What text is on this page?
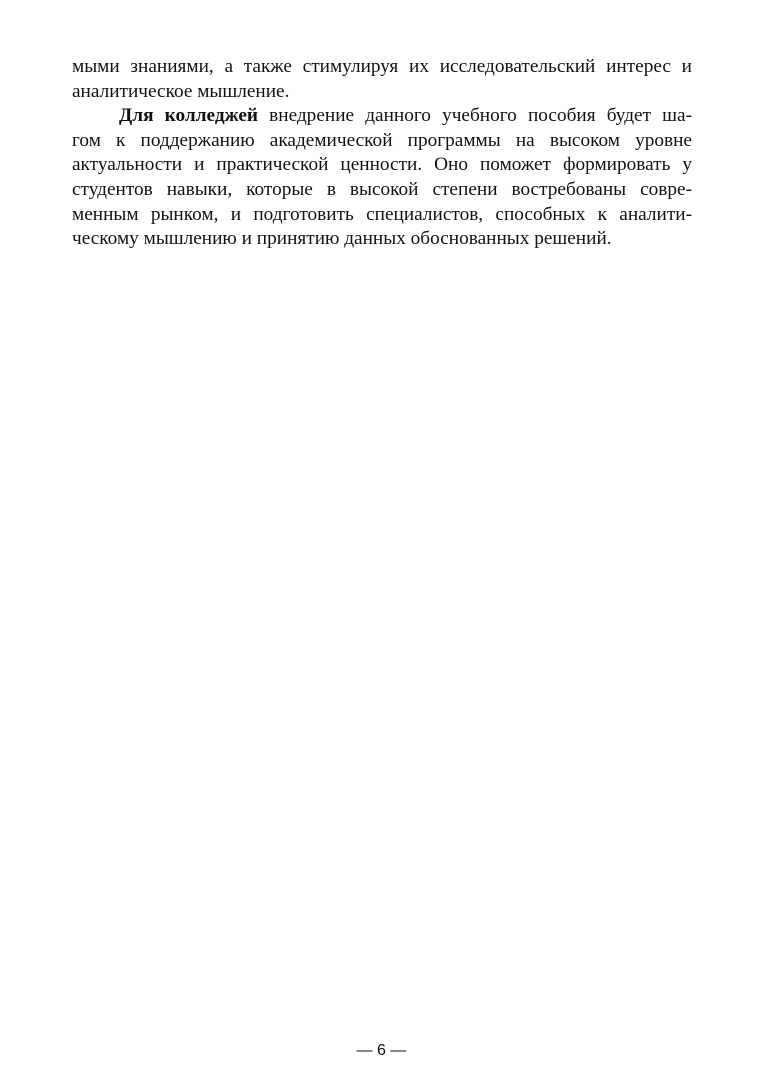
мыми знаниями, а также стимулируя их исследовательский интерес и
аналитическое мышление.
Для колледжей внедрение данного учебного пособия будет ша-
гом к поддержанию академической программы на высоком уровне
актуальности и практической ценности. Оно поможет формировать у
студентов навыки, которые в высокой степени востребованы совре-
менным рынком, и подготовить специалистов, способных к аналити-
ческому мышлению и принятию данных обоснованных решений.
— 6 —
